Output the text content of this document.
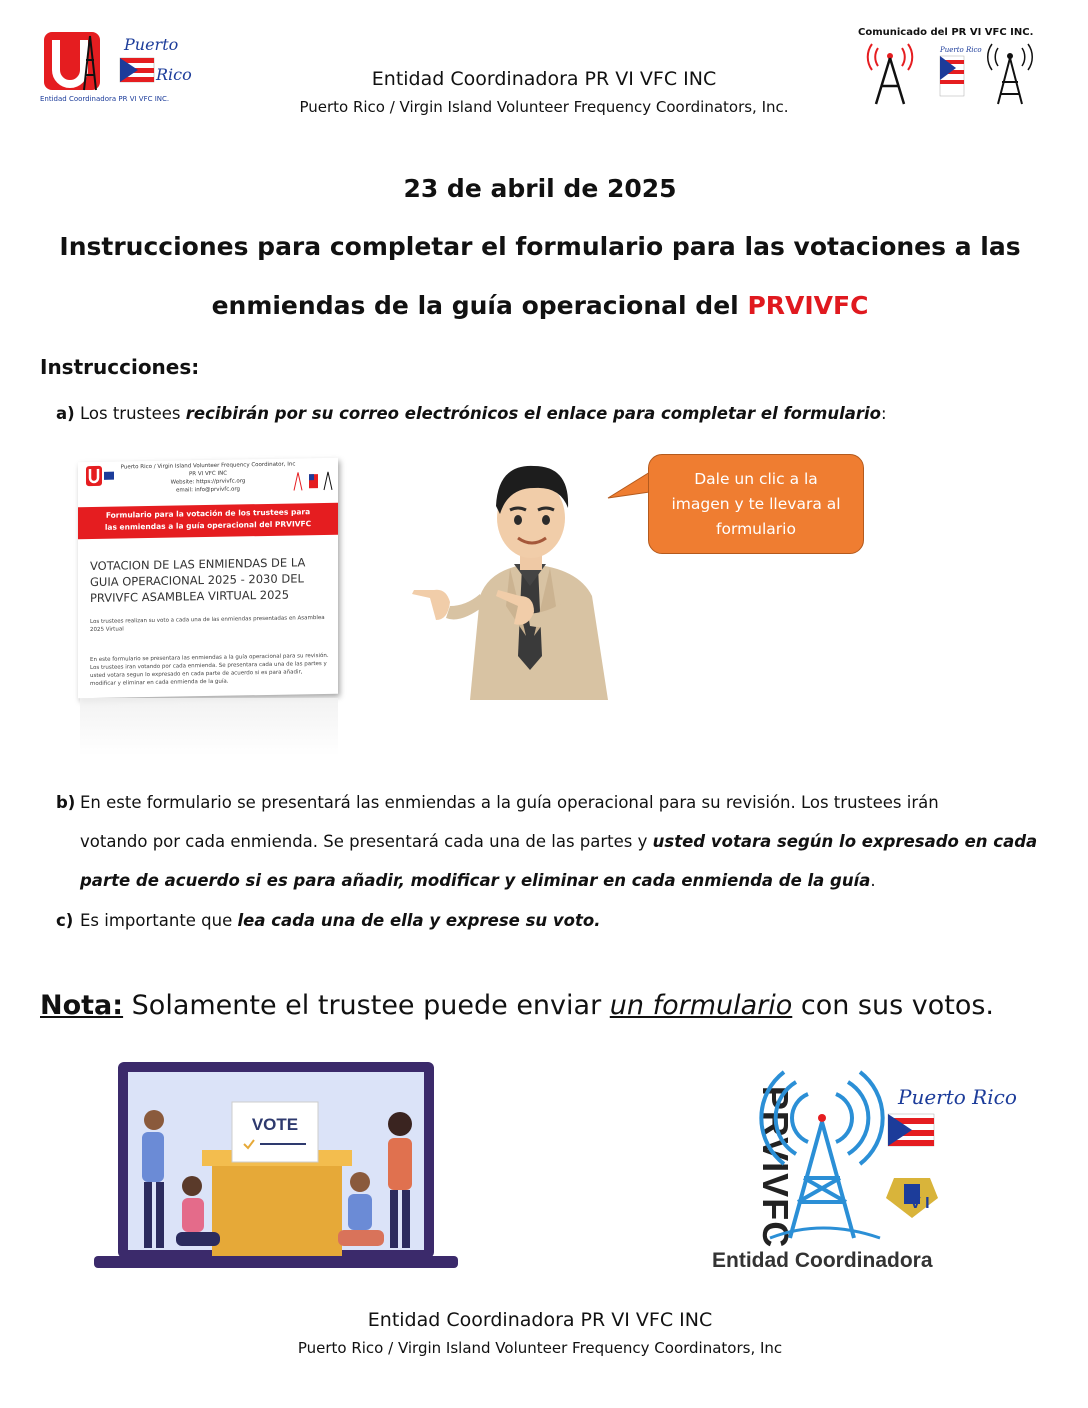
Puerto
Rico
Entidad Coordinadora PR VI VFC INC.
Entidad Coordinadora PR VI VFC INC
Puerto Rico / Virgin Island Volunteer Frequency Coordinators, Inc.
Comunicado del PR VI VFC INC.
Puerto Rico
23 de abril de 2025
Instrucciones para completar el formulario para las votaciones a las
enmiendas de la guía operacional del PRVIVFC
Instrucciones:
a) Los trustees recibirán por su correo electrónicos el enlace para completar el formulario:
Puerto Rico / Virgin Island Volunteer Frequency Coordinator, Inc
PR VI VFC INC
Website: https://prvivfc.org
email: info@prvivfc.org
Formulario para la votación de los trustees para
las enmiendas a la guía operacional del PRVIVFC
VOTACION DE LAS ENMIENDAS DE LA GUIA OPERACIONAL 2025 - 2030 DEL PRVIVFC ASAMBLEA VIRTUAL 2025
Los trustees realizan su voto a cada una de las enmiendas presentadas en Asamblea 2025 Virtual
En este formulario se presentara las enmiendas a la guía operacional para su revisión. Los trustees iran votando por cada enmienda. Se presentara cada una de las partes y usted votara segun lo expresado en cada parte de acuerdo si es para añadir, modificar y eliminar en cada enmienda de la guía.
Dale un clic a la
imagen y te llevara al
formulario
b) En este formulario se presentará las enmiendas a la guía operacional para su revisión. Los trustees irán
votando por cada enmienda. Se presentará cada una de las partes y usted votara según lo expresado en cada
parte de acuerdo si es para añadir, modificar y eliminar en cada enmienda de la guía.
c) Es importante que lea cada una de ella y exprese su voto.
Nota: Solamente el trustee puede enviar un formulario con sus votos.
VOTE	PRVIVFC	Puerto Rico
V I
Entidad Coordinadora
Entidad Coordinadora PR VI VFC INC
Puerto Rico / Virgin Island Volunteer Frequency Coordinators, Inc
